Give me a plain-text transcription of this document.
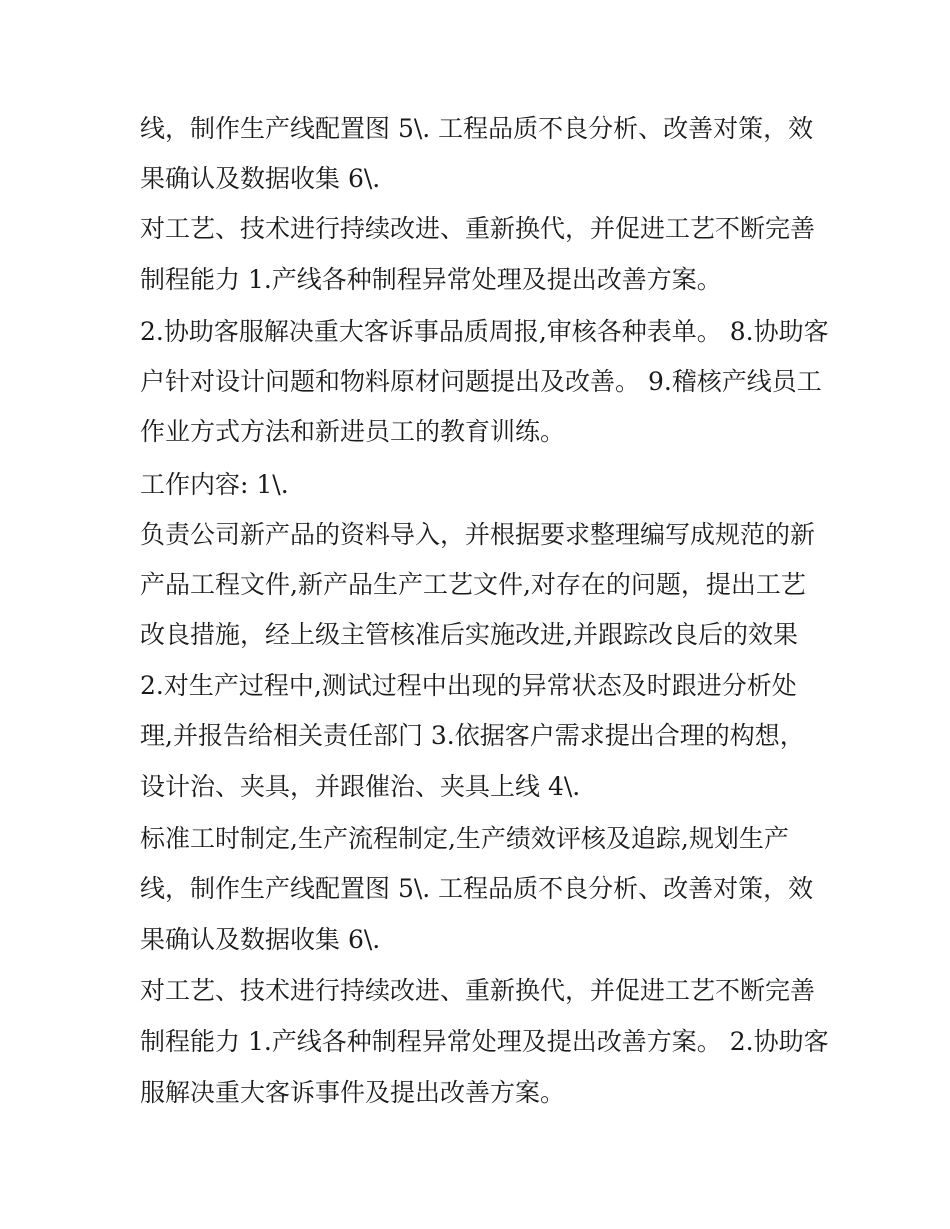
线，制作生产线配置图 5\. 工程品质不良分析、改善对策，效
果确认及数据收集 6\.
对工艺、技术进行持续改进、重新换代，并促进工艺不断完善
制程能力 1.产线各种制程异常处理及提出改善方案。
2.协助客服解决重大客诉事品质周报,审核各种表单。 8.协助客
户针对设计问题和物料原材问题提出及改善。 9.稽核产线员工
作业方式方法和新进员工的教育训练。
工作内容: 1\.
负责公司新产品的资料导入，并根据要求整理编写成规范的新
产品工程文件,新产品生产工艺文件,对存在的问题，提出工艺
改良措施，经上级主管核准后实施改进,并跟踪改良后的效果
2.对生产过程中,测试过程中出现的异常状态及时跟进分析处
理,并报告给相关责任部门 3.依据客户需求提出合理的构想，
设计治、夹具，并跟催治、夹具上线 4\.
标准工时制定,生产流程制定,生产绩效评核及追踪,规划生产
线，制作生产线配置图 5\. 工程品质不良分析、改善对策，效
果确认及数据收集 6\.
对工艺、技术进行持续改进、重新换代，并促进工艺不断完善
制程能力 1.产线各种制程异常处理及提出改善方案。 2.协助客
服解决重大客诉事件及提出改善方案。
